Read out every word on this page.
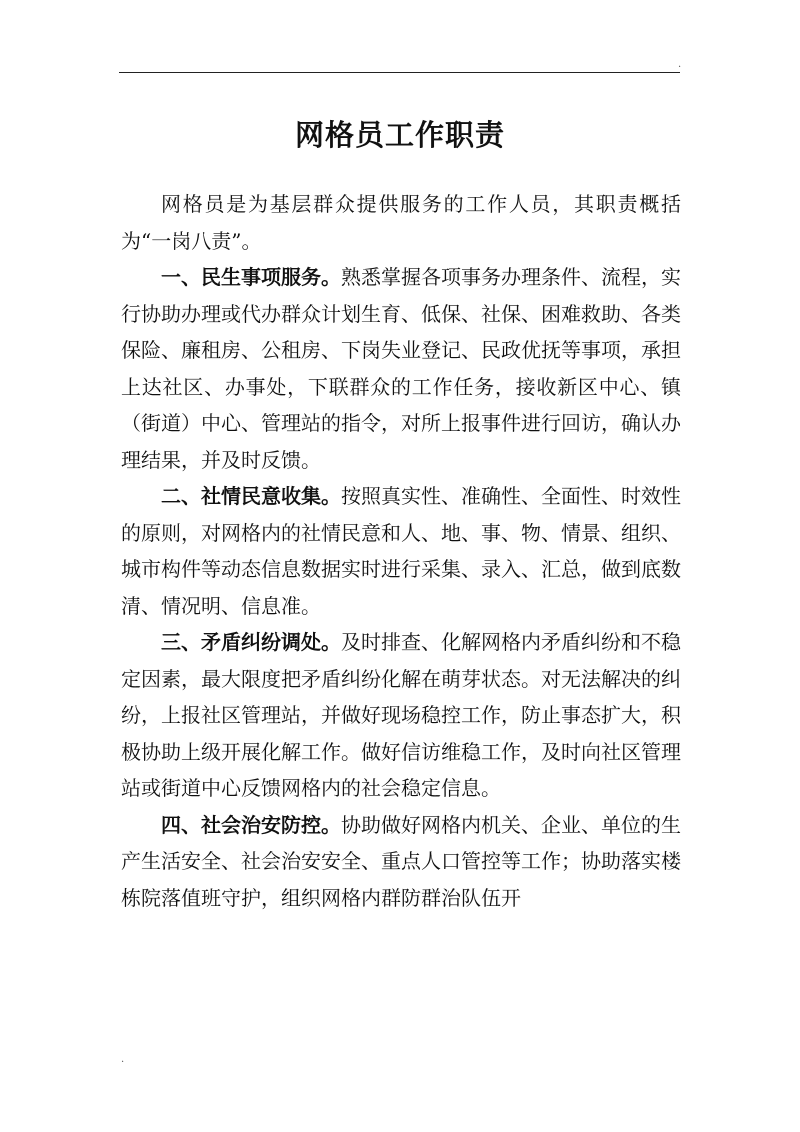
.
网格员工作职责

网格员是为基层群众提供服务的工作人员，其职责概括为“一岗八责”。

一、民生事项服务。熟悉掌握各项事务办理条件、流程，实行协助办理或代办群众计划生育、低保、社保、困难救助、各类保险、廉租房、公租房、下岗失业登记、民政优抚等事项，承担上达社区、办事处，下联群众的工作任务，接收新区中心、镇（街道）中心、管理站的指令，对所上报事件进行回访，确认办理结果，并及时反馈。

二、社情民意收集。按照真实性、准确性、全面性、时效性的原则，对网格内的社情民意和人、地、事、物、情景、组织、城市构件等动态信息数据实时进行采集、录入、汇总，做到底数清、情况明、信息准。

三、矛盾纠纷调处。及时排查、化解网格内矛盾纠纷和不稳定因素，最大限度把矛盾纠纷化解在萌芽状态。对无法解决的纠纷，上报社区管理站，并做好现场稳控工作，防止事态扩大，积极协助上级开展化解工作。做好信访维稳工作，及时向社区管理站或街道中心反馈网格内的社会稳定信息。

四、社会治安防控。协助做好网格内机关、企业、单位的生产生活安全、社会治安安全、重点人口管控等工作；协助落实楼栋院落值班守护，组织网格内群防群治队伍开

.
